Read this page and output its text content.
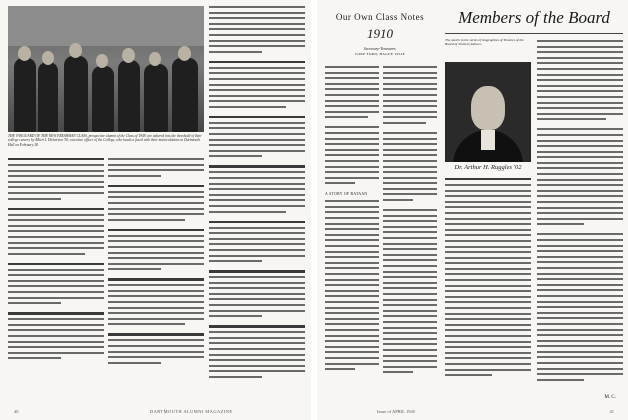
THE VANGUARD OF THE NEW FRESHMAN CLASS, prospective alumni of the Class of 1949, are ushered into the threshold of their college careers by Albert I. Dickerson '30, executive officer of the College, who heads a faced with their matriculations in Dartmouth Hall on February 28.
40	DARTMOUTH ALUMNI MAGAZINE
Our Own Class Notes
1910
Secretary-Treasurer,
CORE FORD, HAGUE 1954E
A STORY OF BATAAN
Members of the Board
The sketch in the series of biographies of Trustees of the Board of Trustees follows:
Dr. Arthur H. Ruggles '02
M. C.
Issue of APRIL 1945	41
